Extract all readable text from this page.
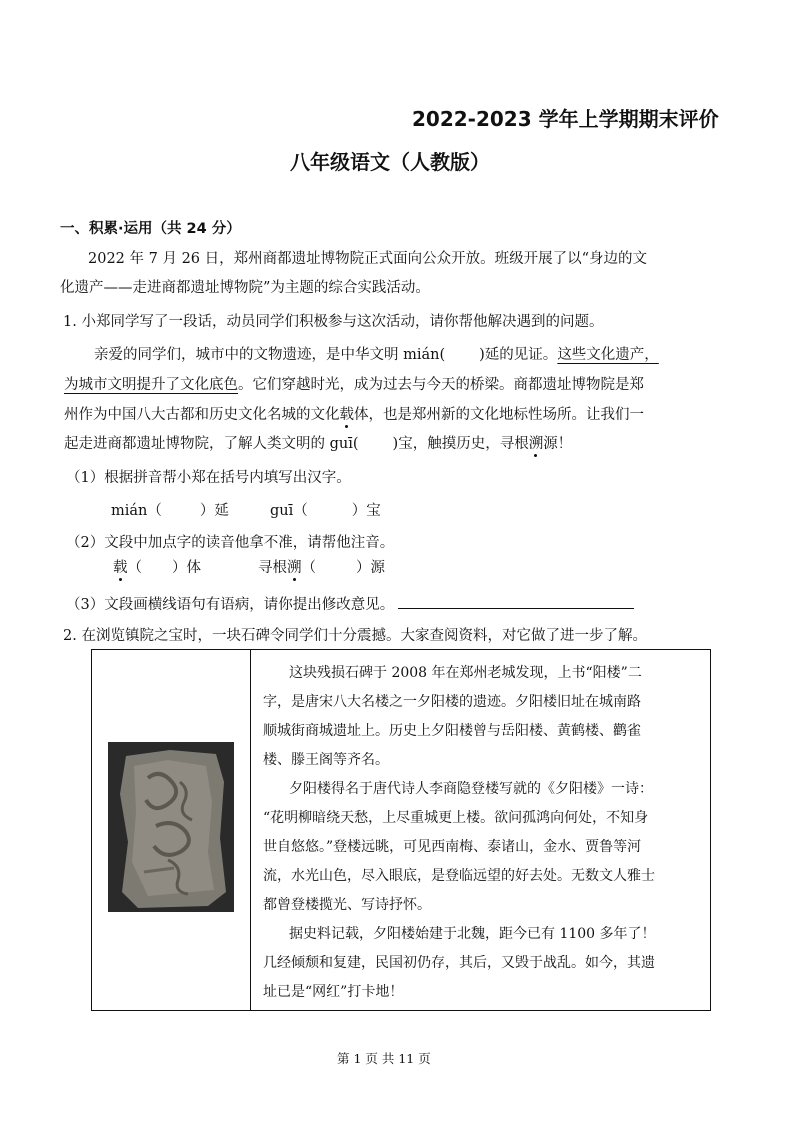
2022-2023 学年上学期期末评价
八年级语文（人教版）
一、积累·运用（共 24 分）
2022 年 7 月 26 日，郑州商都遗址博物院正式面向公众开放。班级开展了以“身边的文
化遗产——走进商都遗址博物院”为主题的综合实践活动。
1. 小郑同学写了一段话，动员同学们积极参与这次活动，请你帮他解决遇到的问题。
亲爱的同学们，城市中的文物遗迹，是中华文明 mián( )延的见证。这些文化遗产，
为城市文明提升了文化底色。它们穿越时光，成为过去与今天的桥梁。商都遗址博物院是郑
州作为中国八大古都和历史文化名城的文化载体，也是郑州新的文化地标性场所。让我们一
起走进商都遗址博物院，了解人类文明的 guī( )宝，触摸历史，寻根溯源！
（1）根据拼音帮小郑在括号内填写出汉字。
mián（	）延	guī（	）宝
（2）文段中加点字的读音他拿不准，请帮他注音。
载（ ）体	寻根溯（	）源
（3）文段画横线语句有语病，请你提出修改意见。
2. 在浏览镇院之宝时，一块石碑令同学们十分震撼。大家查阅资料，对它做了进一步了解。

这块残损石碑于 2008 年在郑州老城发现，上书“阳楼”二
字，是唐宋八大名楼之一夕阳楼的遗迹。夕阳楼旧址在城南路
顺城街商城遗址上。历史上夕阳楼曾与岳阳楼、黄鹤楼、鹳雀
楼、滕王阁等齐名。
夕阳楼得名于唐代诗人李商隐登楼写就的《夕阳楼》一诗：
“花明柳暗绕天愁，上尽重城更上楼。欲问孤鸿向何处，不知身
世自悠悠。”登楼远眺，可见西南梅、泰诸山，金水、贾鲁等河
流，水光山色，尽入眼底，是登临远望的好去处。无数文人雅士
都曾登楼揽光、写诗抒怀。
据史料记载，夕阳楼始建于北魏，距今已有 1100 多年了！
几经倾颓和复建，民国初仍存，其后，又毁于战乱。如今，其遗
址已是“网红”打卡地！
第 1 页 共 11 页
